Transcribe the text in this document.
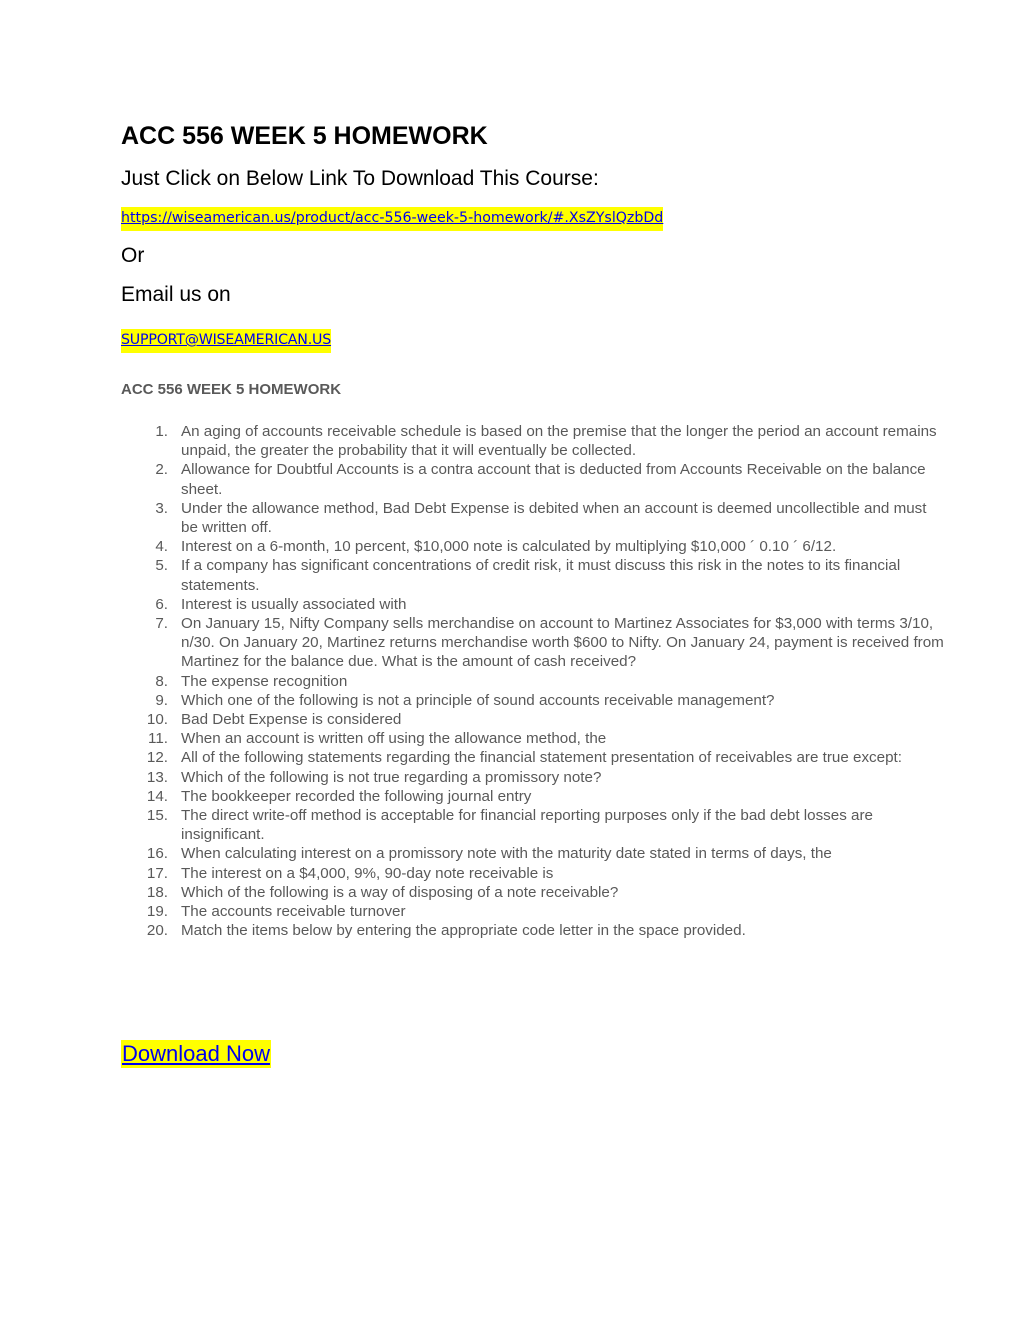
ACC 556 WEEK 5 HOMEWORK

Just Click on Below Link To Download This Course:

https://wiseamerican.us/product/acc-556-week-5-homework/#.XsZYslQzbDd

Or

Email us on

SUPPORT@WISEAMERICAN.US
ACC 556 WEEK 5 HOMEWORK
1. An aging of accounts receivable schedule is based on the premise that the longer the period an account remains unpaid, the greater the probability that it will eventually be collected.
2. Allowance for Doubtful Accounts is a contra account that is deducted from Accounts Receivable on the balance sheet.
3. Under the allowance method, Bad Debt Expense is debited when an account is deemed uncollectible and must be written off.
4. Interest on a 6-month, 10 percent, $10,000 note is calculated by multiplying $10,000 ´ 0.10 ´ 6/12.
5. If a company has significant concentrations of credit risk, it must discuss this risk in the notes to its financial statements.
6. Interest is usually associated with
7. On January 15, Nifty Company sells merchandise on account to Martinez Associates for $3,000 with terms 3/10, n/30. On January 20, Martinez returns merchandise worth $600 to Nifty. On January 24, payment is received from Martinez for the balance due. What is the amount of cash received?
8. The expense recognition
9. Which one of the following is not a principle of sound accounts receivable management?
10. Bad Debt Expense is considered
11. When an account is written off using the allowance method, the
12. All of the following statements regarding the financial statement presentation of receivables are true except:
13. Which of the following is not true regarding a promissory note?
14. The bookkeeper recorded the following journal entry
15. The direct write-off method is acceptable for financial reporting purposes only if the bad debt losses are insignificant.
16. When calculating interest on a promissory note with the maturity date stated in terms of days, the
17. The interest on a $4,000, 9%, 90-day note receivable is
18. Which of the following is a way of disposing of a note receivable?
19. The accounts receivable turnover
20. Match the items below by entering the appropriate code letter in the space provided.
Download Now
